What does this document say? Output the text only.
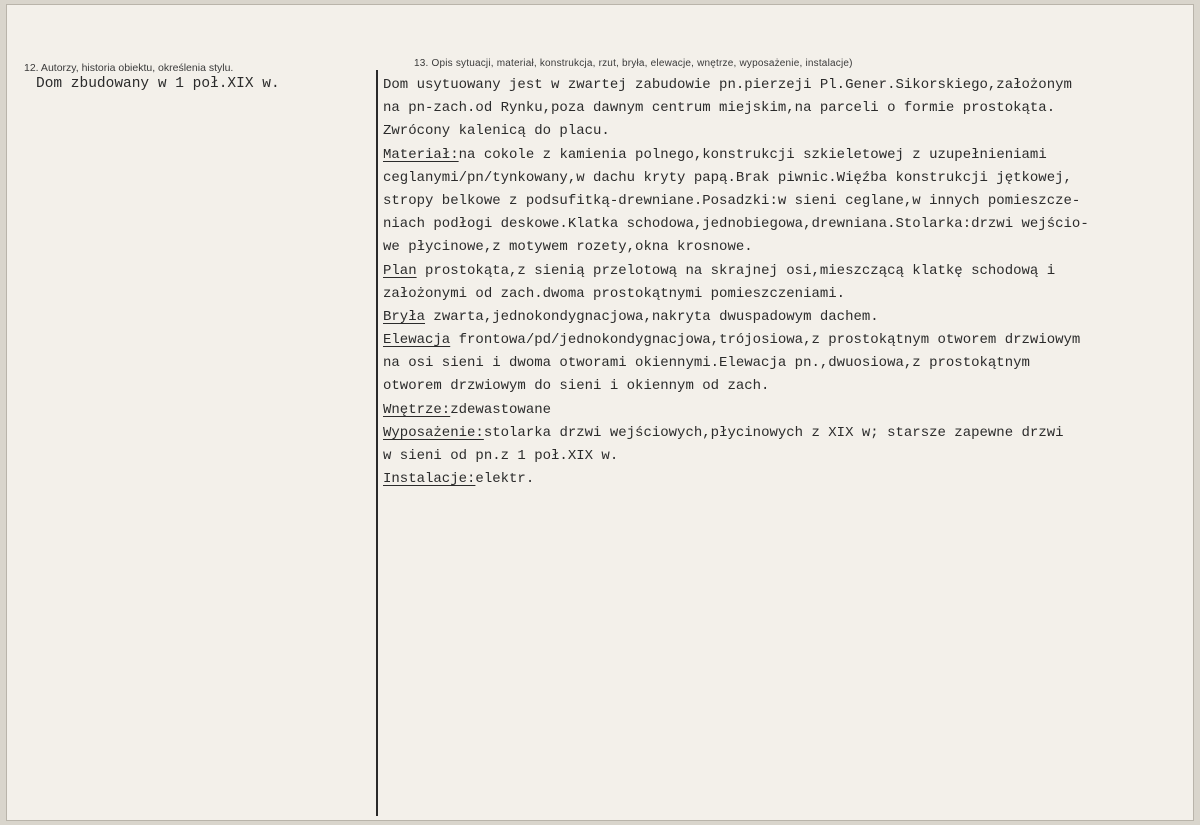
12. Autorzy, historia obiektu, określenia stylu.	13. Opis sytuacji, materiał, konstrukcja, rzut, bryła, elewacje, wnętrze, wyposażenie, instalacje)
Dom zbudowany w 1 poł.XIX w.	Dom usytuowany jest w zwartej zabudowie pn.pierzeji Pl.Gener.Sikorskiego,założonym
na pn-zach.od Rynku,poza dawnym centrum miejskim,na parceli o formie prostokąta.
Zwrócony kalenicą do placu.
Materiał:na cokole z kamienia polnego,konstrukcji szkieletowej z uzupełnieniami
ceglanymi/pn/tynkowany,w dachu kryty papą.Brak piwnic.Więźba konstrukcji jętkowej,
stropy belkowe z podsufitką-drewniane.Posadzki:w sieni ceglane,w innych pomieszcze-
niach podłogi deskowe.Klatka schodowa,jednobiegowa,drewniana.Stolarka:drzwi wejścio-
we płycinowe,z motywem rozety,okna krosnowe.
Plan prostokąta,z sienią przelotową na skrajnej osi,mieszczącą klatkę schodową i
założonymi od zach.dwoma prostokątnymi pomieszczeniami.
Bryła zwarta,jednokondygnacjowa,nakryta dwuspadowym dachem.
Elewacja frontowa/pd/jednokondygnacjowa,trójosiowa,z prostokątnym otworem drzwiowym
na osi sieni i dwoma otworami okiennymi.Elewacja pn.,dwuosiowa,z prostokątnym
otworem drzwiowym do sieni i okiennym od zach.
Wnętrze:zdewastowane
Wyposażenie:stolarka drzwi wejściowych,płycinowych z XIX w; starsze zapewne drzwi
w sieni od pn.z 1 poł.XIX w.
Instalacje:elektr.
